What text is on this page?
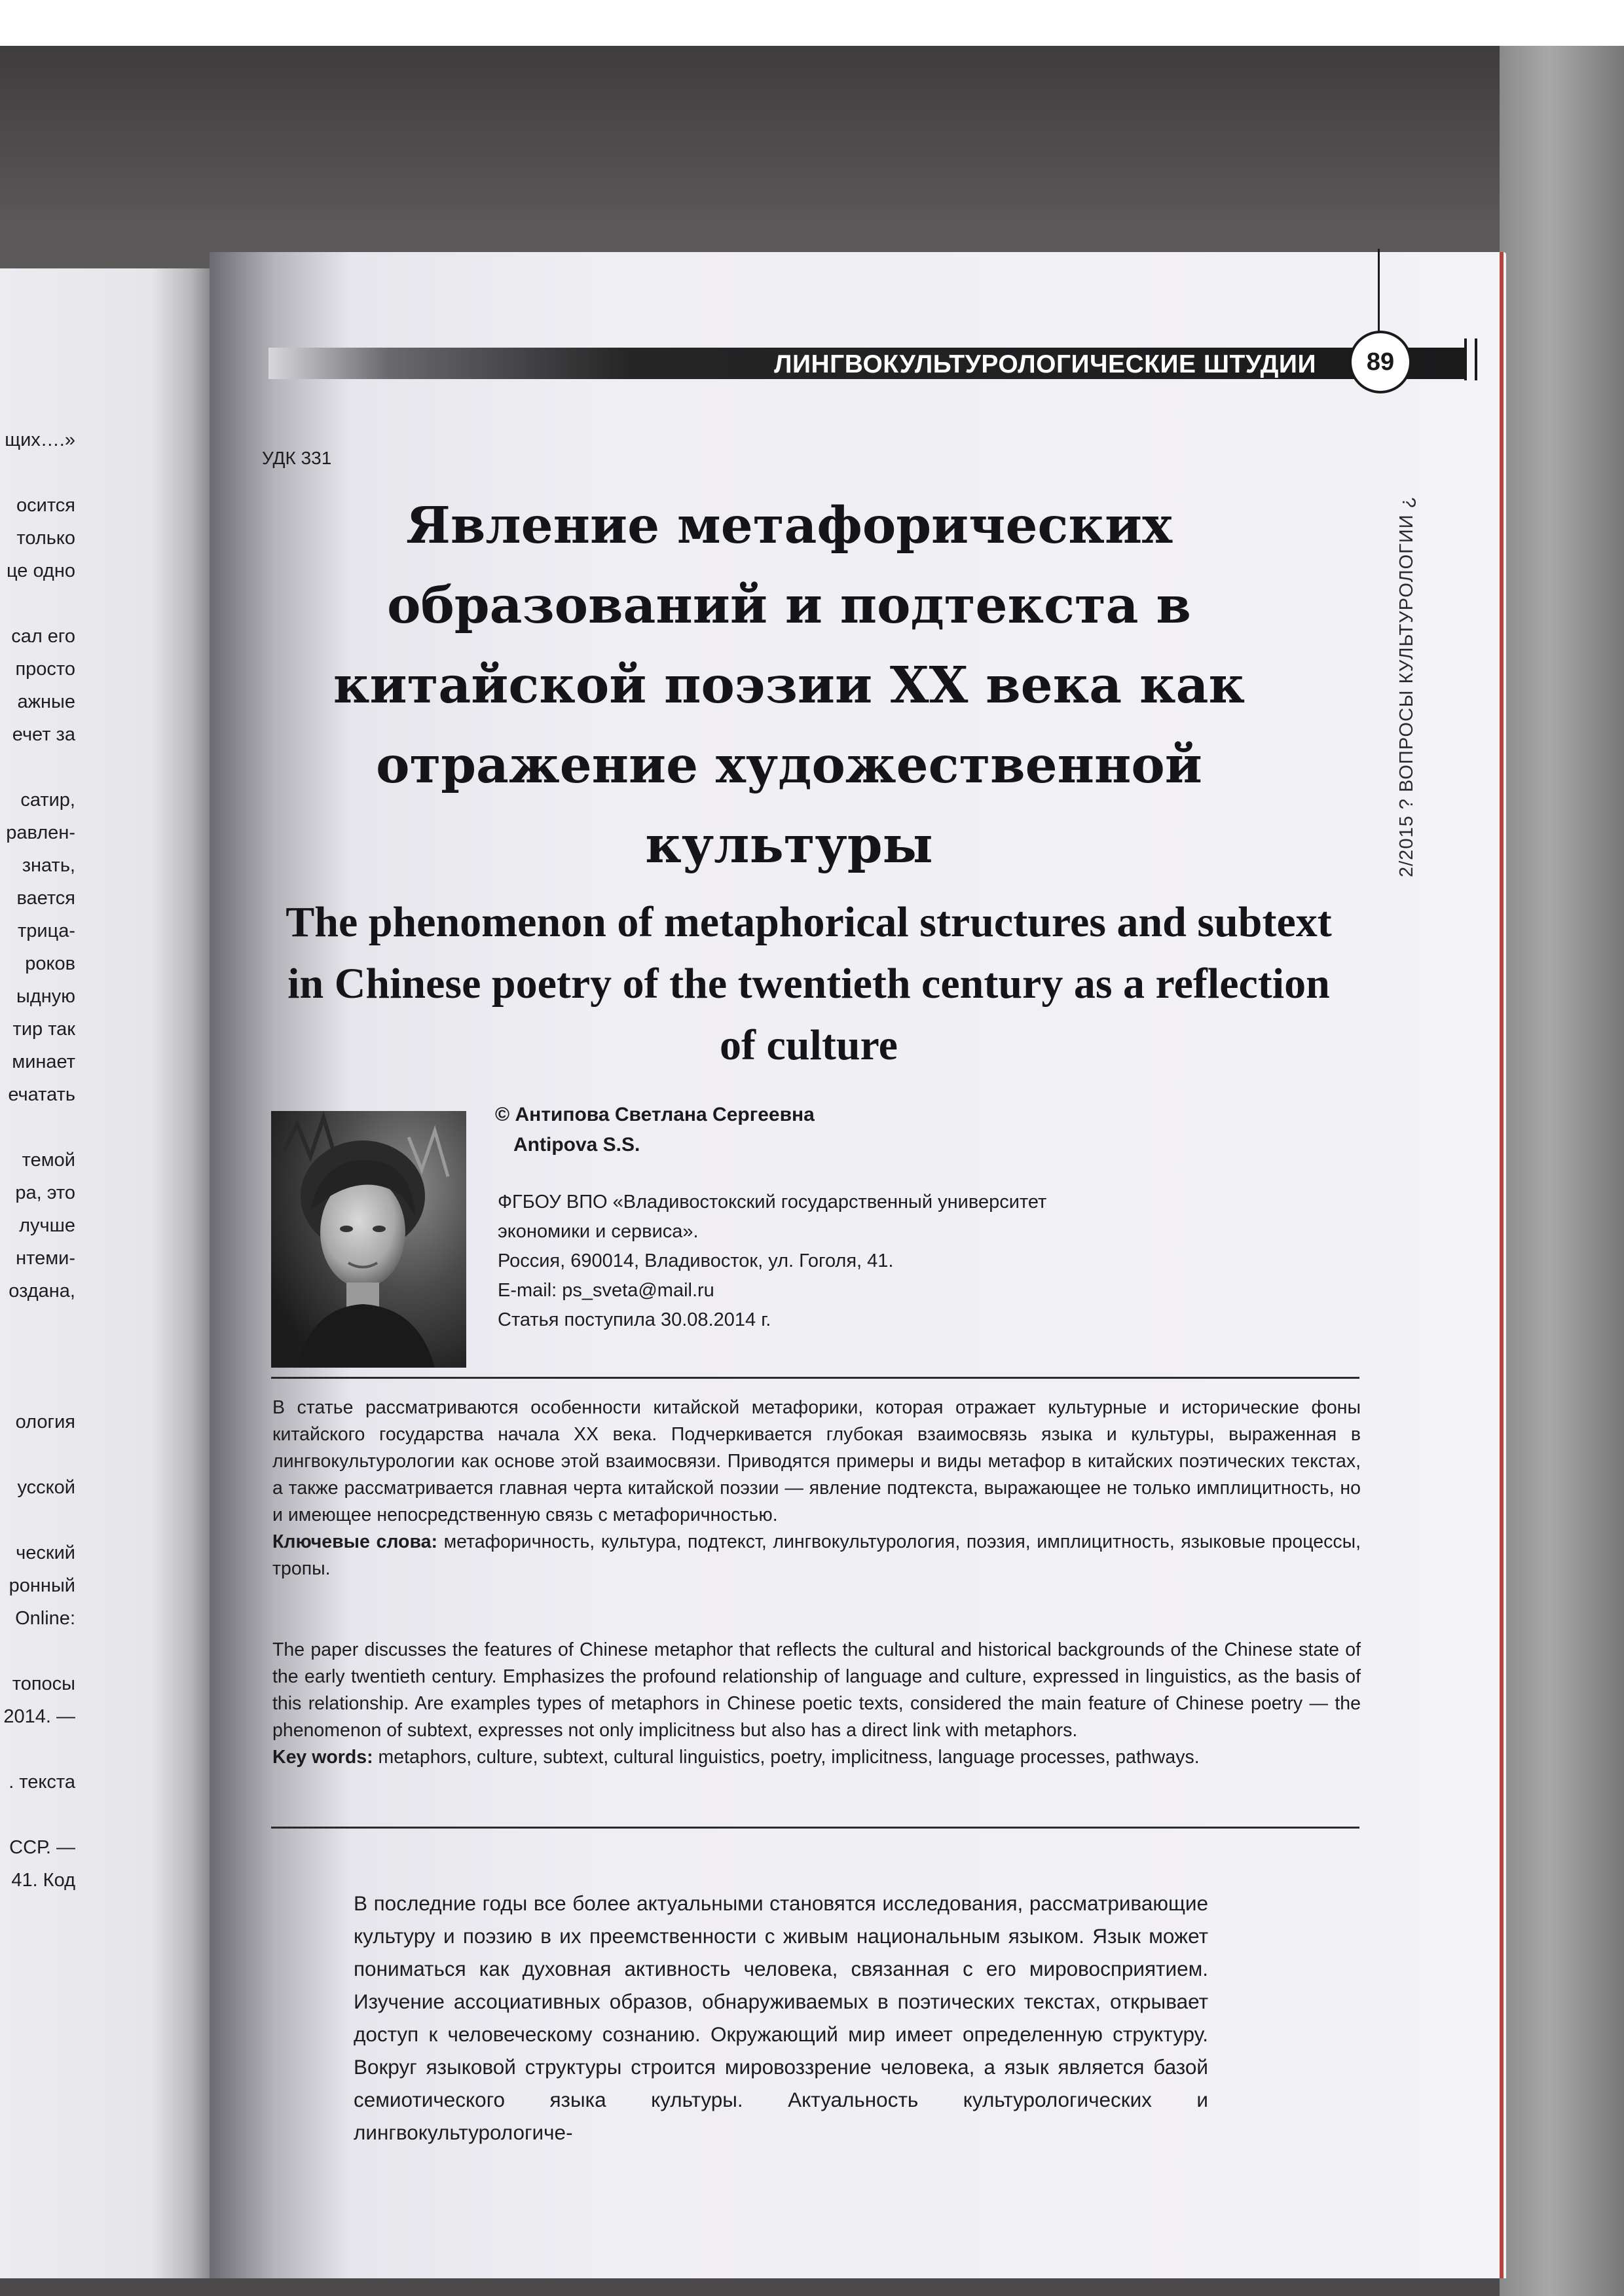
щих….»
осится
только
це одно
сал его
просто
ажные
ечет за
сатир,
равлен-
знать,
вается
трица-
роков
ыдную
тир так
минает
ечатать
темой
ра, это
лучше
нтеми-
оздана,
ология
усской
ческий
ронный
Online:
топосы
2014. —
. текста
ССР. —
41. Код
ЛИНГВОКУЛЬТУРОЛОГИЧЕСКИЕ ШТУДИИ 89
2/2015 ? ВОПРОСЫ КУЛЬТУРОЛОГИИ ¿
УДК 331
Явление метафорических образований и подтекста в китайской поэзии XX века как отражение художественной культуры
The phenomenon of metaphorical structures and subtext in Chinese poetry of the twentieth century as a reflection of culture
© Антипова Светлана Сергеевна
Antipova S.S.
ФГБОУ ВПО «Владивостокский государственный университет
экономики и сервиса».
Россия, 690014, Владивосток, ул. Гоголя, 41.
E-mail: ps_sveta@mail.ru
Статья поступила 30.08.2014 г.

В статье рассматриваются особенности китайской метафорики, которая отражает культурные и исторические фоны китайского государства начала XX века. Подчеркивается глубокая взаимосвязь языка и культуры, выраженная в лингвокультурологии как основе этой взаимосвязи. Приводятся примеры и виды метафор в китайских поэтических текстах, а также рассматривается главная черта китайской поэзии — явление подтекста, выражающее не только имплицитность, но и имеющее непосредственную связь с метафоричностью.
Ключевые слова: метафоричность, культура, подтекст, лингвокультурология, поэзия, имплицитность, языковые процессы, тропы.

The paper discusses the features of Chinese metaphor that reflects the cultural and historical backgrounds of the Chinese state of the early twentieth century. Emphasizes the profound relationship of language and culture, expressed in linguistics, as the basis of this relationship. Are examples types of metaphors in Chinese poetic texts, considered the main feature of Chinese poetry — the phenomenon of subtext, expresses not only implicitness but also has a direct link with metaphors.
Key words: metaphors, culture, subtext, cultural linguistics, poetry, implicitness, language processes, pathways.

В последние годы все более актуальными становятся исследования, рассматривающие культуру и поэзию в их преемственности с живым национальным языком. Язык может пониматься как духовная активность человека, связанная с его мировосприятием. Изучение ассоциативных образов, обнаруживаемых в поэтических текстах, открывает доступ к человеческому сознанию. Окружающий мир имеет определенную структуру. Вокруг языковой структуры строится мировоззрение человека, а язык является базой семиотического языка культуры. Актуальность культурологических и лингвокультурологиче-
